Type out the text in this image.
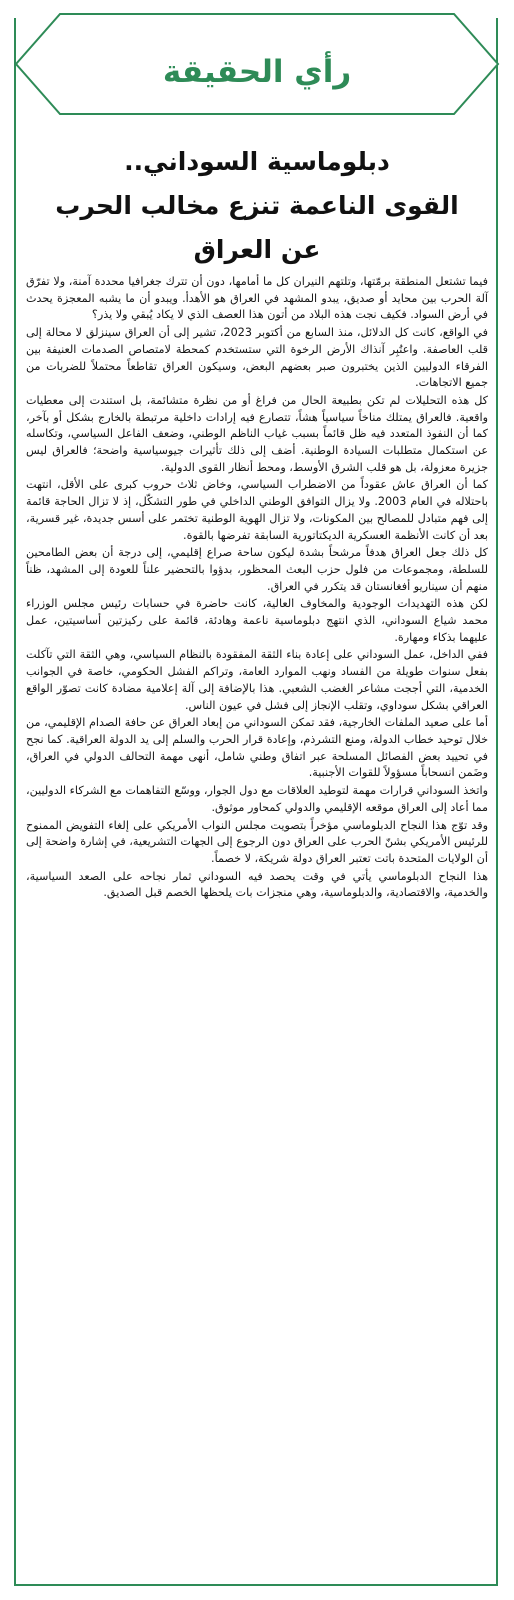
رأي الحقيقة
دبلوماسية السوداني..
القوى الناعمة تنزع مخالب الحرب
عن العراق

فيما تشتعل المنطقة برمّتها، وتلتهم النيران كل ما أمامها، دون أن تترك جغرافيا محددة آمنة، ولا تفرّق آلة الحرب بين محايد أو صديق، يبدو المشهد في العراق هو الأهدأ. ويبدو أن ما يشبه المعجزة يحدث في أرض السواد. فكيف نجت هذه البلاد من أتون هذا العصف الذي لا يكاد يُبقي ولا يذر؟

في الواقع، كانت كل الدلائل، منذ السابع من أكتوبر 2023، تشير إلى أن العراق سينزلق لا محالة إلى قلب العاصفة. واعتُبِر آنذاك الأرض الرخوة التي ستستخدم كمحطة لامتصاص الصدمات العنيفة بين الفرقاء الدوليين الذين يختبرون صبر بعضهم البعض، وسيكون العراق تقاطعاً محتملاً للضربات من جميع الاتجاهات.

كل هذه التحليلات لم تكن بطبيعة الحال من فراغ أو من نظرة متشائمة، بل استندت إلى معطيات واقعية. فالعراق يمتلك مناخاً سياسياً هشاً، تتصارع فيه إرادات داخلية مرتبطة بالخارج بشكل أو بآخر، كما أن النفوذ المتعدد فيه ظل قائماً بسبب غياب الناظم الوطني، وضعف الفاعل السياسي، وتكاسله عن استكمال متطلبات السيادة الوطنية. أضف إلى ذلك تأثيرات جيوسياسية واضحة؛ فالعراق ليس جزيرة معزولة، بل هو قلب الشرق الأوسط، ومحط أنظار القوى الدولية.

كما أن العراق عاش عقوداً من الاضطراب السياسي، وخاض ثلاث حروب كبرى على الأقل، انتهت باحتلاله في العام 2003. ولا يزال التوافق الوطني الداخلي في طور التشكّل، إذ لا تزال الحاجة قائمة إلى فهم متبادل للمصالح بين المكونات، ولا تزال الهوية الوطنية تختمر على أسس جديدة، غير قسرية، بعد أن كانت الأنظمة العسكرية الديكتاتورية السابقة تفرضها بالقوة.

كل ذلك جعل العراق هدفاً مرشحاً بشدة ليكون ساحة صراع إقليمي، إلى درجة أن بعض الطامحين للسلطة، ومجموعات من فلول حزب البعث المحظور، بدؤوا بالتحضير علناً للعودة إلى المشهد، ظناً منهم أن سيناريو أفغانستان قد يتكرر في العراق.

لكن هذه التهديدات الوجودية والمخاوف العالية، كانت حاضرة في حسابات رئيس مجلس الوزراء محمد شياع السوداني، الذي انتهج دبلوماسية ناعمة وهادئة، قائمة على ركيزتين أساسيتين، عمل عليهما بذكاء ومهارة.

ففي الداخل، عمل السوداني على إعادة بناء الثقة المفقودة بالنظام السياسي، وهي الثقة التي تآكلت بفعل سنوات طويلة من الفساد ونهب الموارد العامة، وتراكم الفشل الحكومي، خاصة في الجوانب الخدمية، التي أججت مشاعر الغضب الشعبي. هذا بالإضافة إلى آلة إعلامية مضادة كانت تصوّر الواقع العراقي بشكل سوداوي، وتقلب الإنجاز إلى فشل في عيون الناس.

أما على صعيد الملفات الخارجية، فقد تمكن السوداني من إبعاد العراق عن حافة الصدام الإقليمي، من خلال توحيد خطاب الدولة، ومنع التشرذم، وإعادة قرار الحرب والسلم إلى يد الدولة العراقية. كما نجح في تحييد بعض الفصائل المسلحة عبر اتفاق وطني شامل، أنهى مهمة التحالف الدولي في العراق، وضَمن انسحاباً مسؤولاً للقوات الأجنبية.

واتخذ السوداني قرارات مهمة لتوطيد العلاقات مع دول الجوار، ووسّع التفاهمات مع الشركاء الدوليين، مما أعاد إلى العراق موقعه الإقليمي والدولي كمحاور موثوق.

وقد توّج هذا النجاح الدبلوماسي مؤخراً بتصويت مجلس النواب الأمريكي على إلغاء التفويض الممنوح للرئيس الأمريكي بشنّ الحرب على العراق دون الرجوع إلى الجهات التشريعية، في إشارة واضحة إلى أن الولايات المتحدة باتت تعتبر العراق دولة شريكة، لا خصماً.

هذا النجاح الدبلوماسي يأتي في وقت يحصد فيه السوداني ثمار نجاحه على الصعد السياسية، والخدمية، والاقتصادية، والدبلوماسية، وهي منجزات بات يلحظها الخصم قبل الصديق.
